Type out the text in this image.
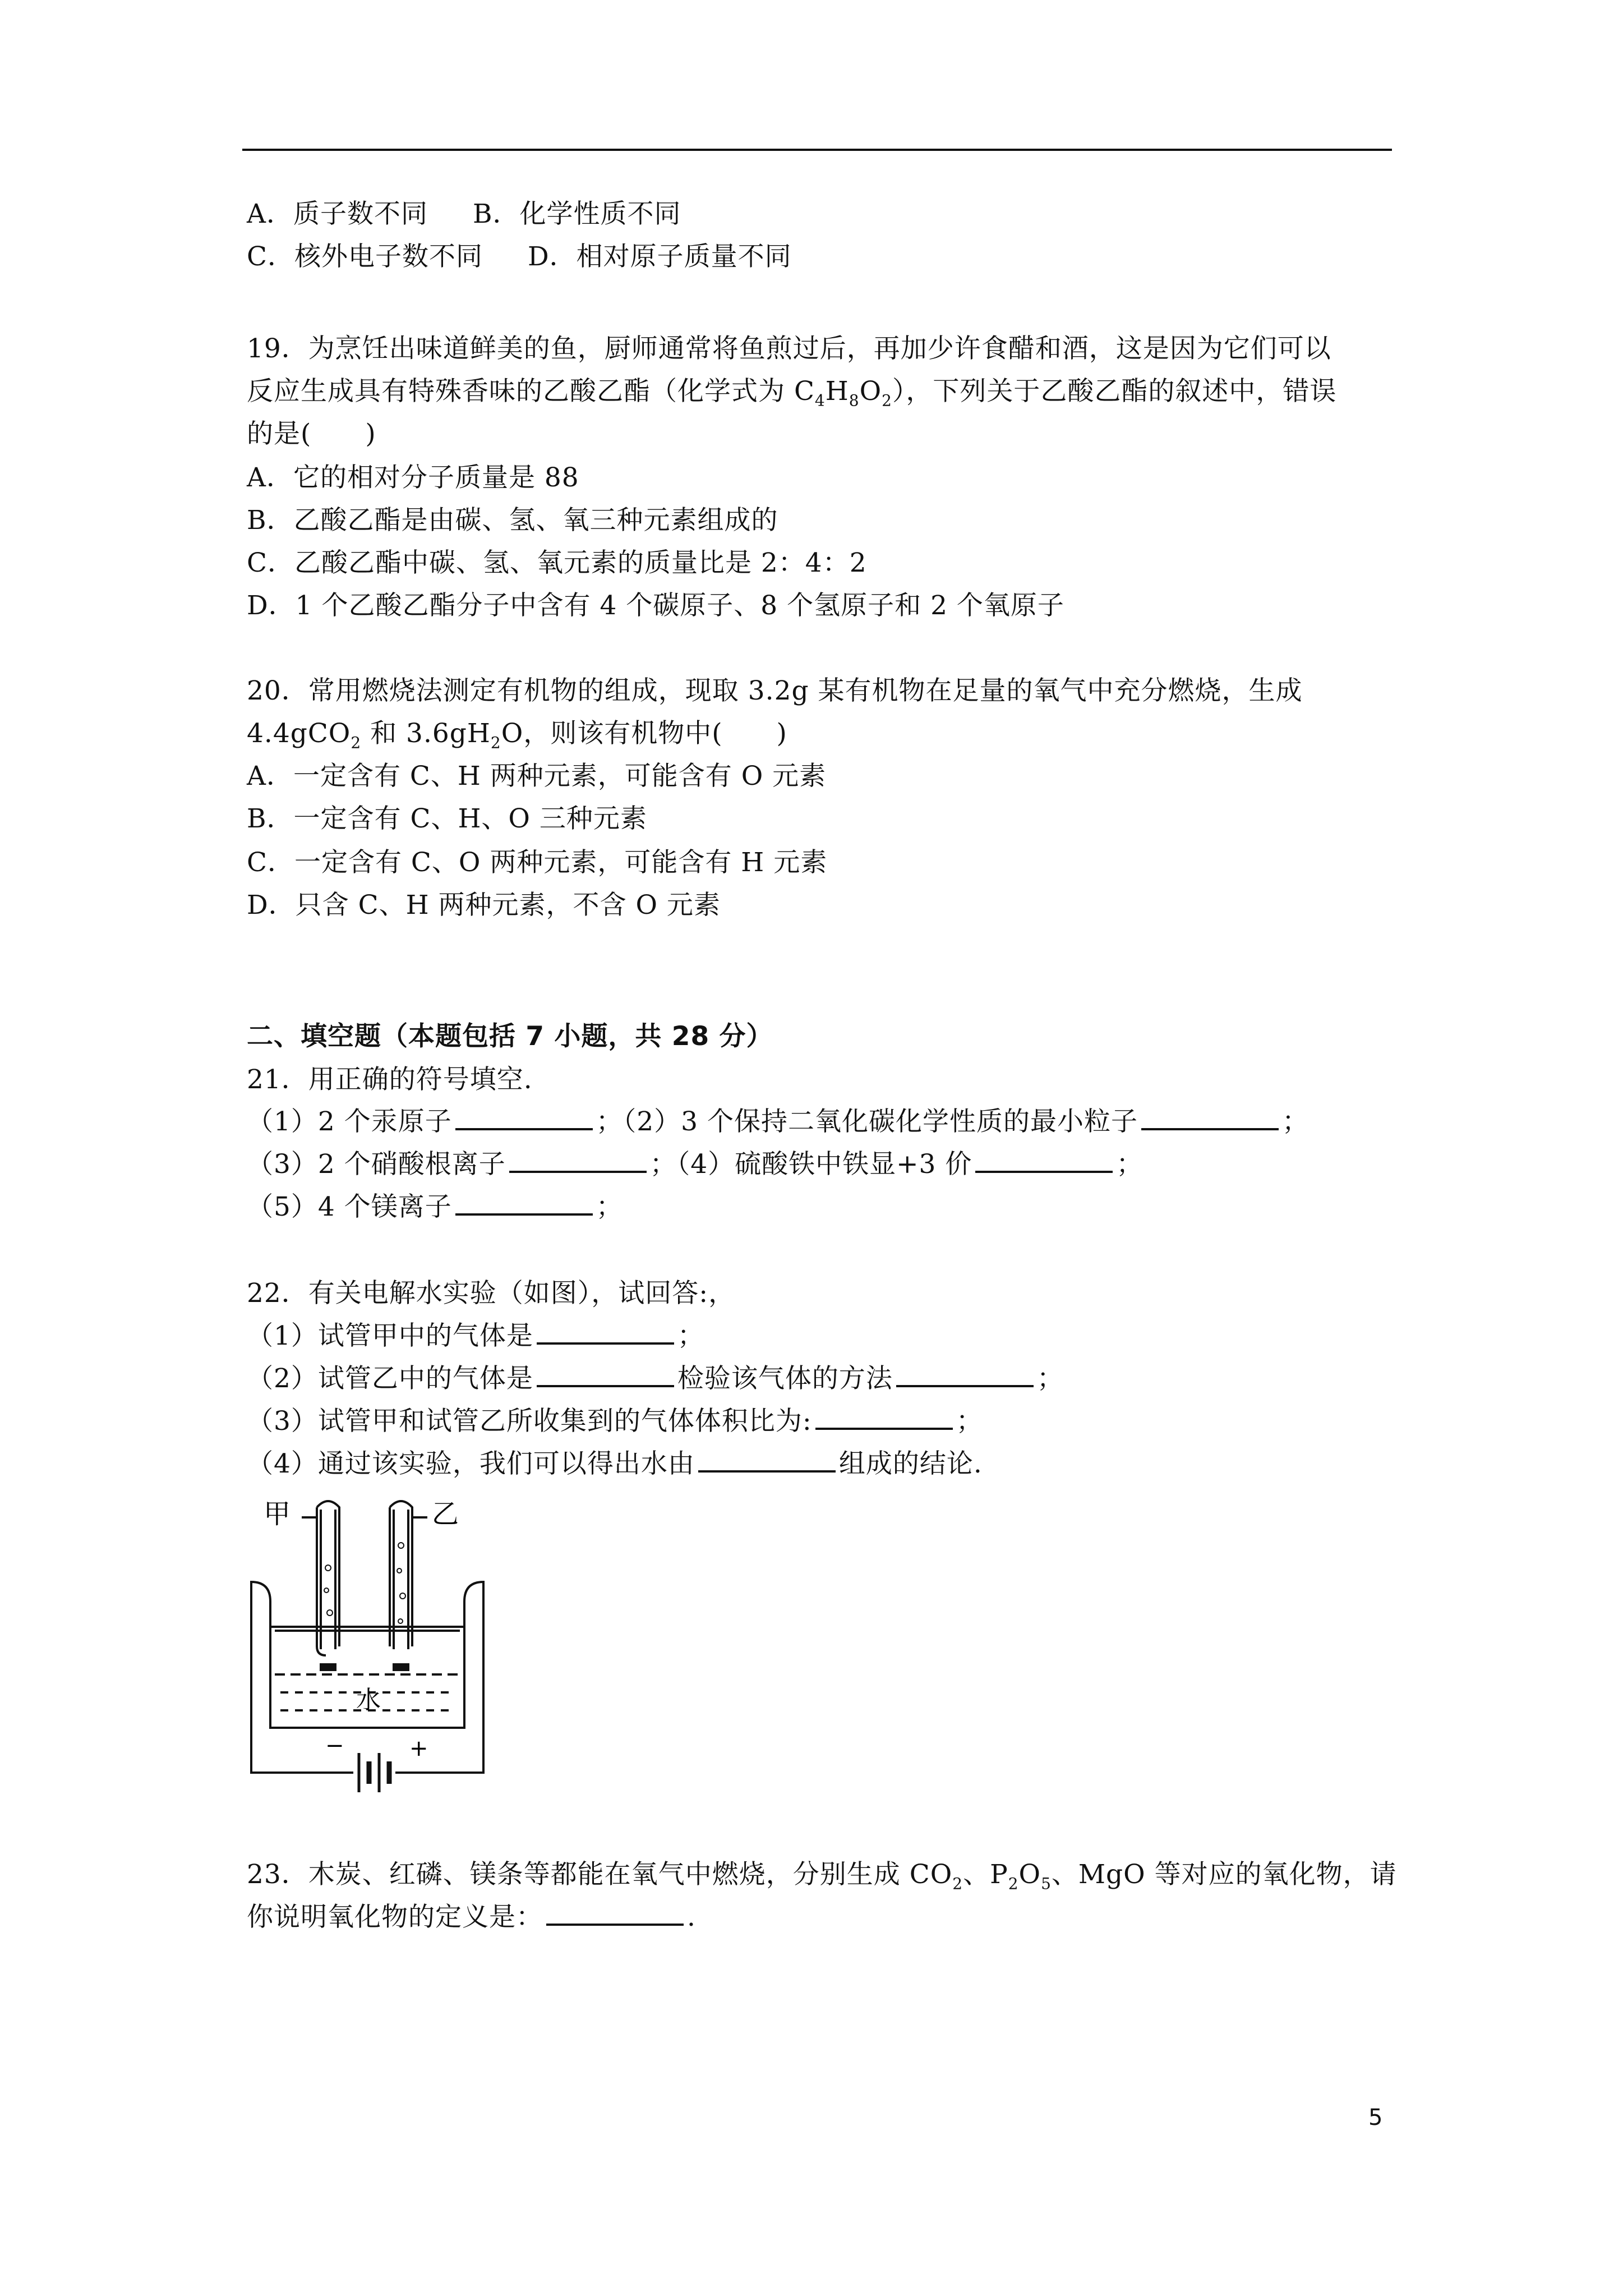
A．质子数不同 B．化学性质不同
C．核外电子数不同 D．相对原子质量不同
19．为烹饪出味道鲜美的鱼，厨师通常将鱼煎过后，再加少许食醋和酒，这是因为它们可以
反应生成具有特殊香味的乙酸乙酯（化学式为 $C_4H_8O_2$），下列关于乙酸乙酯的叙述中，错误
的是(　　)
A．它的相对分子质量是 88
B．乙酸乙酯是由碳、氢、氧三种元素组成的
C．乙酸乙酯中碳、氢、氧元素的质量比是 2：4：2
D．1 个乙酸乙酯分子中含有 4 个碳原子、8 个氢原子和 2 个氧原子
20．常用燃烧法测定有机物的组成，现取 3.2g 某有机物在足量的氧气中充分燃烧，生成
4.4gCO$_2$ 和 $3.6gH_2O$，则该有机物中(　　)
A．一定含有 C、H 两种元素，可能含有 O 元素
B．一定含有 C、H、O 三种元素
C．一定含有 C、O 两种元素，可能含有 H 元素
D．只含 C、H 两种元素，不含 O 元素
二、填空题（本题包括 7 小题，共 28 分）
21．用正确的符号填空.
（1）2 个汞原子	；（2）3 个保持二氧化碳化学性质的最小粒子	；
（3）2 个硝酸根离子	；（4）硫酸铁中铁显+3 价	；
（5）4 个镁离子	；
22．有关电解水实验（如图），试回答:，
（1）试管甲中的气体是	；
（2）试管乙中的气体是	检验该气体的方法	；
（3）试管甲和试管乙所收集到的气体体积比为:	；
（4）通过该实验，我们可以得出水由	组成的结论.
甲	乙
水
−	+
23．木炭、红磷、镁条等都能在氧气中燃烧，分别生成 $CO_2$、$P_2O_5$、MgO 等对应的氧化物，请
你说明氧化物的定义是：	.
5
